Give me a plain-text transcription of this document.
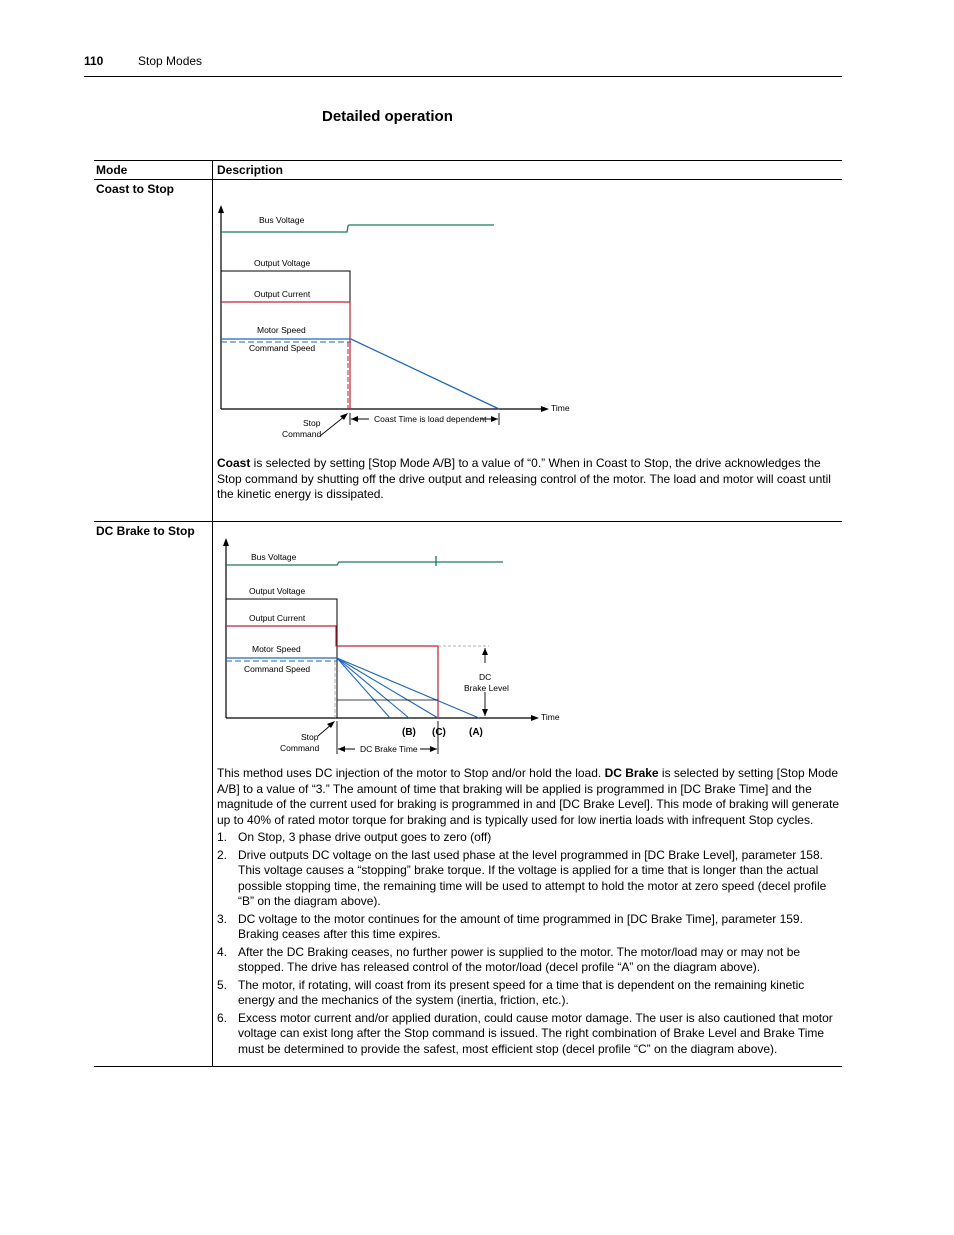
110	Stop Modes
Detailed operation
Mode	Description
Coast to Stop
Bus Voltage
Output Voltage
Output Current
Motor Speed
Command Speed
Time
Stop
Command
Coast Time is load dependent

Coast is selected by setting [Stop Mode A/B] to a value of “0.” When in Coast to Stop, the drive acknowledges the Stop command by shutting off the drive output and releasing control of the motor. The load and motor will coast until the kinetic energy is dissipated.

DC Brake to Stop
Bus Voltage
Output Voltage
Output Current
Motor Speed
Command Speed
Time
DC
Brake Level
(B) (C) (A)
Stop
Command	DC Brake Time

This method uses DC injection of the motor to Stop and/or hold the load. DC Brake is selected by setting [Stop Mode A/B] to a value of “3.” The amount of time that braking will be applied is programmed in [DC Brake Time] and the magnitude of the current used for braking is programmed in and [DC Brake Level]. This mode of braking will generate up to 40% of rated motor torque for braking and is typically used for low inertia loads with infrequent Stop cycles.

1. On Stop, 3 phase drive output goes to zero (off)
2. Drive outputs DC voltage on the last used phase at the level programmed in [DC Brake Level], parameter 158. This voltage causes a “stopping” brake torque. If the voltage is applied for a time that is longer than the actual possible stopping time, the remaining time will be used to attempt to hold the motor at zero speed (decel profile “B” on the diagram above).
3. DC voltage to the motor continues for the amount of time programmed in [DC Brake Time], parameter 159. Braking ceases after this time expires.
4. After the DC Braking ceases, no further power is supplied to the motor. The motor/load may or may not be stopped. The drive has released control of the motor/load (decel profile “A” on the diagram above).
5. The motor, if rotating, will coast from its present speed for a time that is dependent on the remaining kinetic energy and the mechanics of the system (inertia, friction, etc.).
6. Excess motor current and/or applied duration, could cause motor damage. The user is also cautioned that motor voltage can exist long after the Stop command is issued. The right combination of Brake Level and Brake Time must be determined to provide the safest, most efficient stop (decel profile “C” on the diagram above).
